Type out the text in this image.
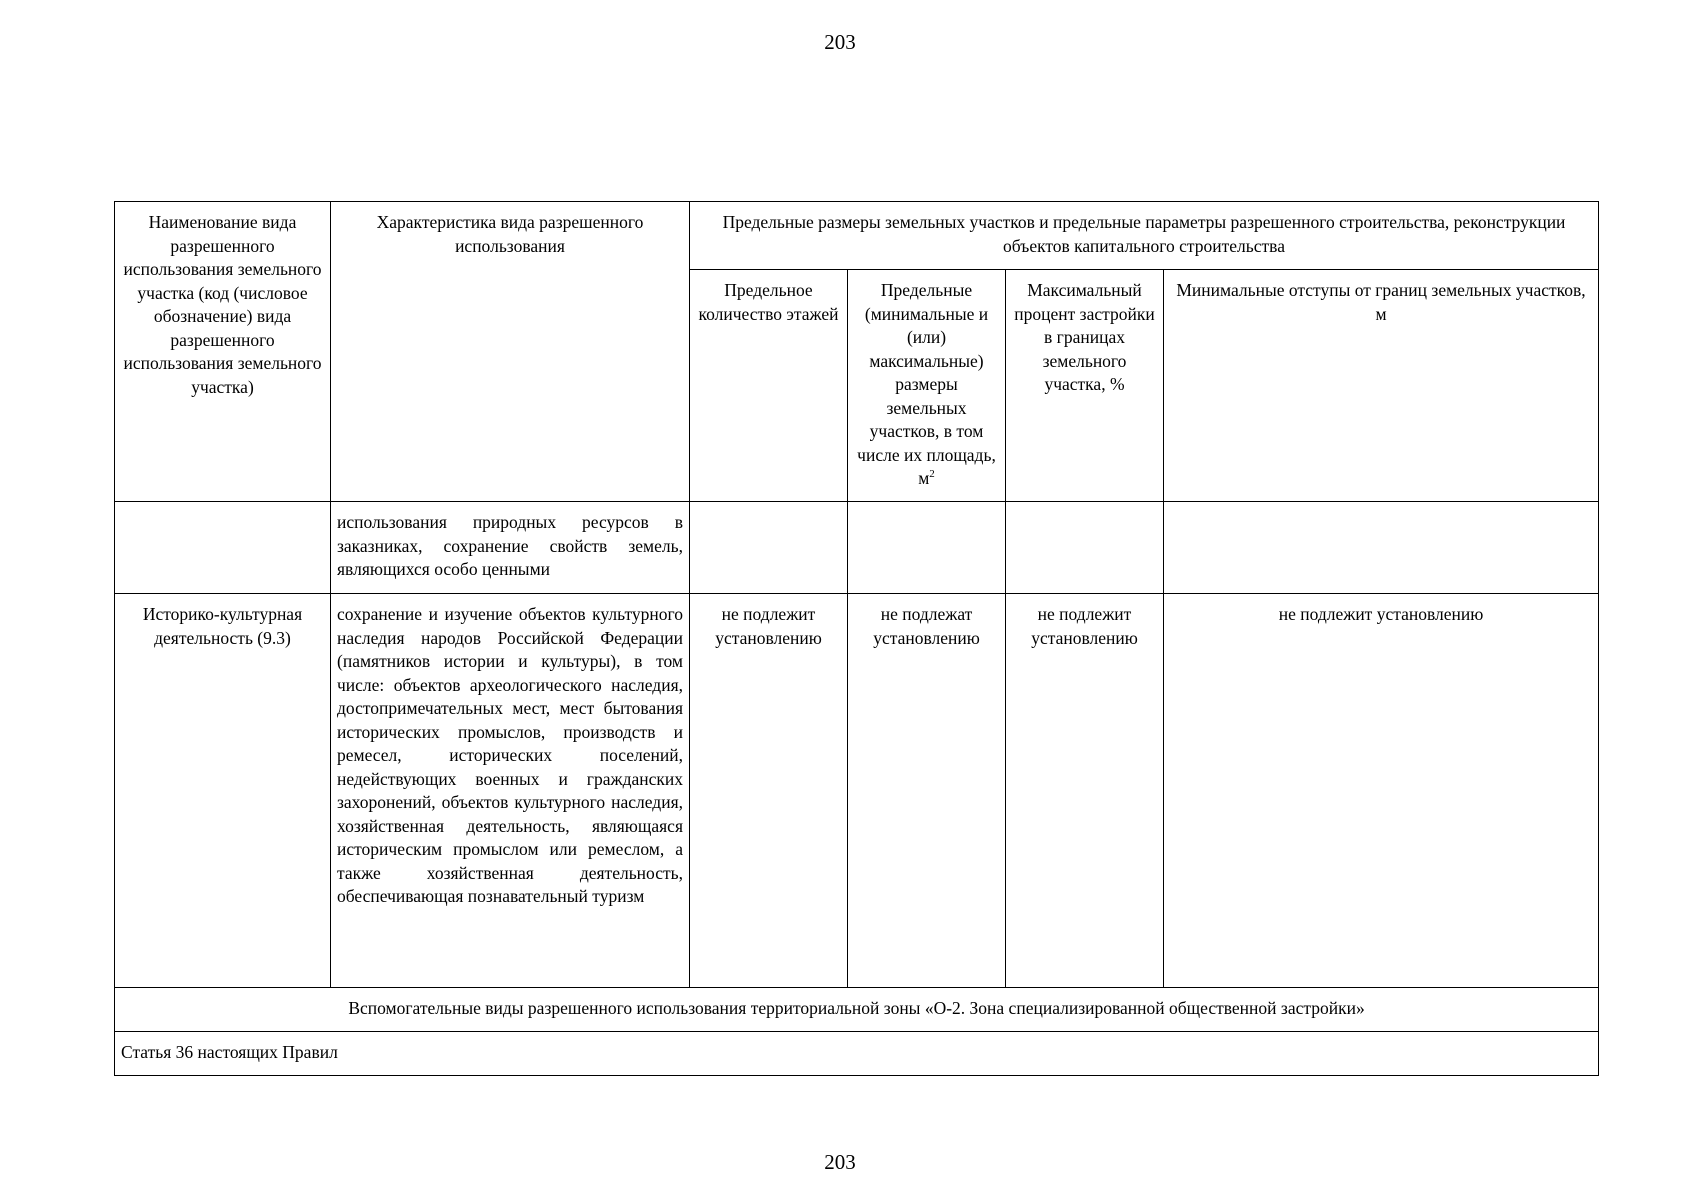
203
Наименование вида разрешенного использования земельного участка (код (числовое обозначение) вида разрешенного использования земельного участка)	Характеристика вида разрешенного использования	Предельные размеры земельных участков и предельные параметры разрешенного строительства, реконструкции объектов капитального строительства			
		Предельное количество этажей	Предельные (минимальные и (или) максимальные) размеры земельных участков, в том числе их площадь, $м^2$	Максимальный процент застройки в границах земельного участка, %	Минимальные отступы от границ земельных участков, м
	использования природных ресурсов в заказниках, сохранение свойств земель, являющихся особо ценными				
Историко-культурная деятельность (9.3)	сохранение и изучение объектов культурного наследия народов Российской Федерации (памятников истории и культуры), в том числе: объектов археологического наследия, достопримечательных мест, мест бытования исторических промыслов, производств и ремесел, исторических поселений, недействующих военных и гражданских захоронений, объектов культурного наследия, хозяйственная деятельность, являющаяся историческим промыслом или ремеслом, а также хозяйственная деятельность, обеспечивающая познавательный туризм	не подлежит установлению	не подлежат установлению	не подлежит установлению	не подлежит установлению
Вспомогательные виды разрешенного использования территориальной зоны «О-2. Зона специализированной общественной застройки»					
Статья 36 настоящих Правил					
203
